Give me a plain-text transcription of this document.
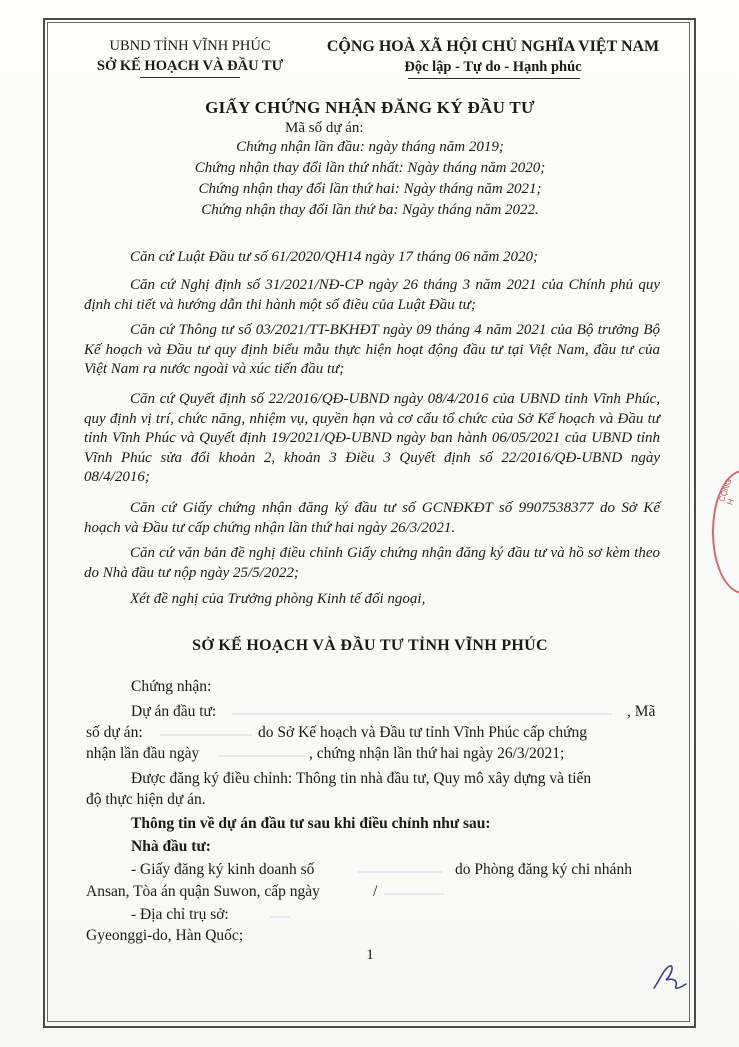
UBND TỈNH VĨNH PHÚC
SỞ KẾ HOẠCH VÀ ĐẦU TƯ
CỘNG HOÀ XÃ HỘI CHỦ NGHĨA VIỆT NAM
Độc lập - Tự do - Hạnh phúc
GIẤY CHỨNG NHẬN ĐĂNG KÝ ĐẦU TƯ
Mã số dự án:
Chứng nhận lần đầu: ngày tháng năm 2019;
Chứng nhận thay đổi lần thứ nhất: Ngày tháng năm 2020;
Chứng nhận thay đổi lần thứ hai: Ngày tháng năm 2021;
Chứng nhận thay đổi lần thứ ba: Ngày tháng năm 2022.
Căn cứ Luật Đầu tư số 61/2020/QH14 ngày 17 tháng 06 năm 2020;
Căn cứ Nghị định số 31/2021/NĐ-CP ngày 26 tháng 3 năm 2021 của Chính phủ quy định chi tiết và hướng dẫn thi hành một số điều của Luật Đầu tư;
Căn cứ Thông tư số 03/2021/TT-BKHĐT ngày 09 tháng 4 năm 2021 của Bộ trưởng Bộ Kế hoạch và Đầu tư quy định biểu mẫu thực hiện hoạt động đầu tư tại Việt Nam, đầu tư của Việt Nam ra nước ngoài và xúc tiến đầu tư;
Căn cứ Quyết định số 22/2016/QĐ-UBND ngày 08/4/2016 của UBND tỉnh Vĩnh Phúc, quy định vị trí, chức năng, nhiệm vụ, quyền hạn và cơ cấu tổ chức của Sở Kế hoạch và Đầu tư tỉnh Vĩnh Phúc và Quyết định 19/2021/QĐ-UBND ngày ban hành 06/05/2021 của UBND tỉnh Vĩnh Phúc sửa đổi khoản 2, khoản 3 Điều 3 Quyết định số 22/2016/QĐ-UBND ngày 08/4/2016;
Căn cứ Giấy chứng nhận đăng ký đầu tư số GCNĐKĐT số 9907538377 do Sở Kế hoạch và Đầu tư cấp chứng nhận lần thứ hai ngày 26/3/2021.
Căn cứ văn bản đề nghị điều chỉnh Giấy chứng nhận đăng ký đầu tư và hồ sơ kèm theo do Nhà đầu tư nộp ngày 25/5/2022;
Xét đề nghị của Trưởng phòng Kinh tế đối ngoại,
SỞ KẾ HOẠCH VÀ ĐẦU TƯ TỈNH VĨNH PHÚC
Chứng nhận:
Dự án đầu tư:	, Mã
số dự án:	do Sở Kế hoạch và Đầu tư tỉnh Vĩnh Phúc cấp chứng
nhận lần đầu ngày	, chứng nhận lần thứ hai ngày 26/3/2021;
Được đăng ký điều chỉnh: Thông tin nhà đầu tư, Quy mô xây dựng và tiến
độ thực hiện dự án.
Thông tin về dự án đầu tư sau khi điều chỉnh như sau:
Nhà đầu tư:
- Giấy đăng ký kinh doanh số	do Phòng đăng ký chi nhánh
Ansan, Tòa án quận Suwon, cấp ngày	/
- Địa chỉ trụ sở:
Gyeonggi-do, Hàn Quốc;
1
CỘNG H
